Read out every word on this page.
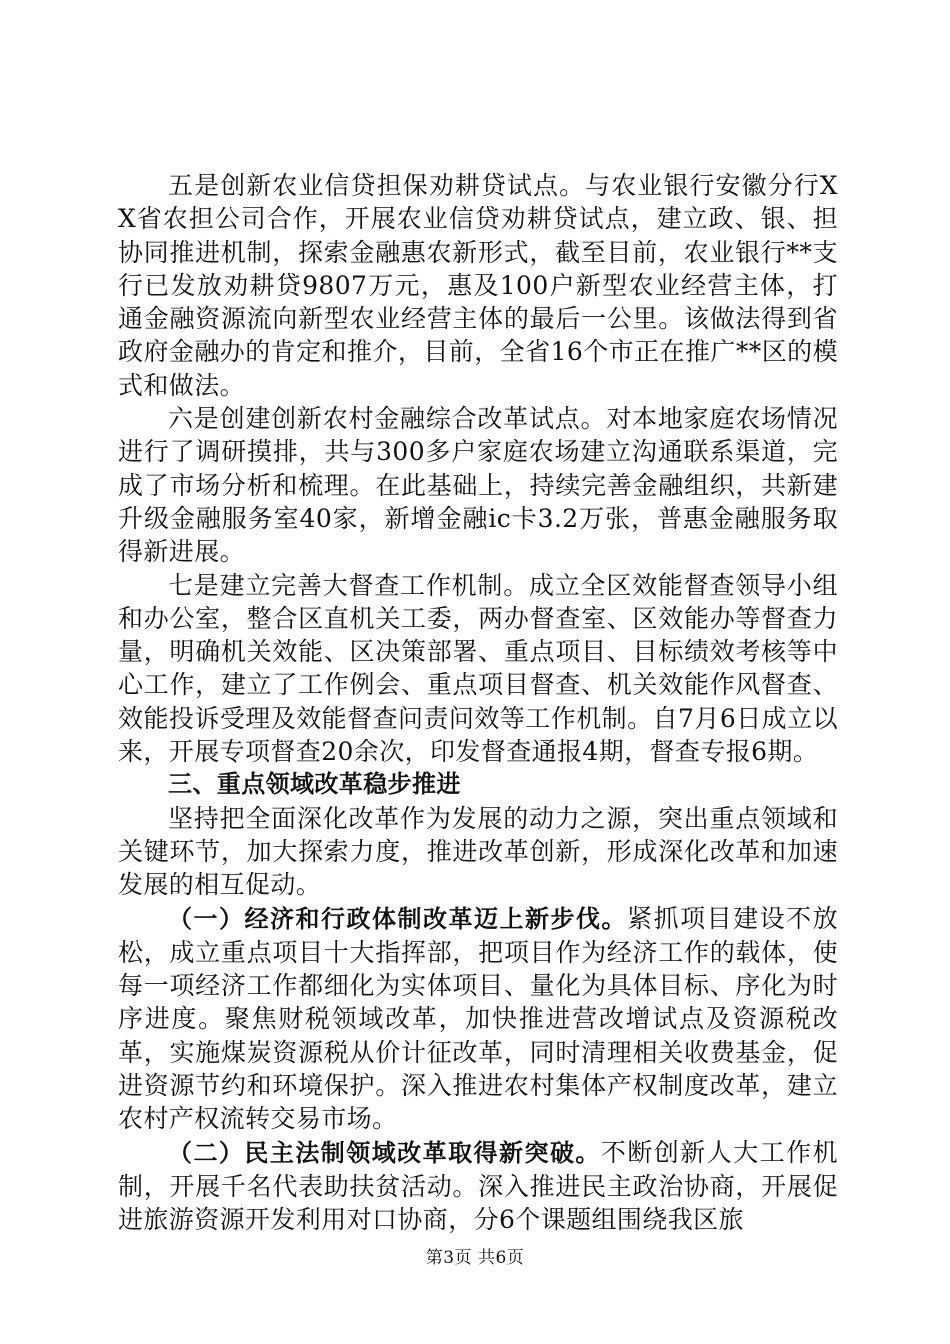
五是创新农业信贷担保劝耕贷试点。与农业银行安徽分行XX省农担公司合作，开展农业信贷劝耕贷试点，建立政、银、担协同推进机制，探索金融惠农新形式，截至目前，农业银行**支行已发放劝耕贷9807万元，惠及100户新型农业经营主体，打通金融资源流向新型农业经营主体的最后一公里。该做法得到省政府金融办的肯定和推介，目前，全省16个市正在推广**区的模式和做法。

六是创建创新农村金融综合改革试点。对本地家庭农场情况进行了调研摸排，共与300多户家庭农场建立沟通联系渠道，完成了市场分析和梳理。在此基础上，持续完善金融组织，共新建升级金融服务室40家，新增金融ic卡3.2万张，普惠金融服务取得新进展。

七是建立完善大督查工作机制。成立全区效能督查领导小组和办公室，整合区直机关工委，两办督查室、区效能办等督查力量，明确机关效能、区决策部署、重点项目、目标绩效考核等中心工作，建立了工作例会、重点项目督查、机关效能作风督查、效能投诉受理及效能督查问责问效等工作机制。自7月6日成立以来，开展专项督查20余次，印发督查通报4期，督查专报6期。

三、重点领域改革稳步推进

坚持把全面深化改革作为发展的动力之源，突出重点领域和关键环节，加大探索力度，推进改革创新，形成深化改革和加速发展的相互促动。

（一）经济和行政体制改革迈上新步伐。紧抓项目建设不放松，成立重点项目十大指挥部，把项目作为经济工作的载体，使每一项经济工作都细化为实体项目、量化为具体目标、序化为时序进度。聚焦财税领域改革，加快推进营改增试点及资源税改革，实施煤炭资源税从价计征改革，同时清理相关收费基金，促进资源节约和环境保护。深入推进农村集体产权制度改革，建立农村产权流转交易市场。

（二）民主法制领域改革取得新突破。不断创新人大工作机制，开展千名代表助扶贫活动。深入推进民主政治协商，开展促进旅游资源开发利用对口协商，分6个课题组围绕我区旅

第3页 共6页
